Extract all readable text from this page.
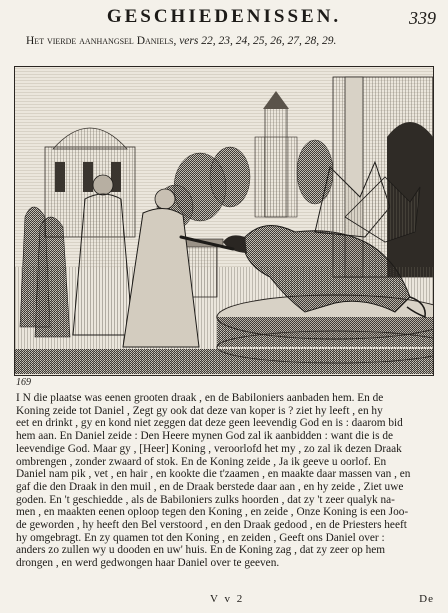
GESCHIEDENISSEN.	339
Het vierde aanhangsel Daniels, vers 22, 23, 24, 25, 26, 27, 28, 29.
169
I N die plaatse was eenen grooten draak , en de Babiloniers aanbaden hem. En de
Koning zeide tot Daniel , Zegt gy ook dat deze van koper is ? ziet hy leeft , en hy
eet en drinkt , gy en kond niet zeggen dat deze geen leevendig God en is : daarom bid
hem aan. En Daniel zeide : Den Heere mynen God zal ik aanbidden : want die is de
leevendige God. Maar gy , [Heer] Koning , veroorlofd het my , zo zal ik dezen Draak
ombrengen , zonder zwaard of stok. En de Koning zeide , Ja ik geeve u oorlof. En
Daniel nam pik , vet , en hair , en kookte die t'zaamen , en maakte daar massen van , en
gaf die den Draak in den muil , en de Draak berstede daar aan , en hy zeide , Ziet uwe
goden. En 't geschiedde , als de Babiloniers zulks hoorden , dat zy 't zeer qualyk na-
men , en maakten eenen oploop tegen den Koning , en zeide , Onze Koning is een Joo-
de geworden , hy heeft den Bel verstoord , en den Draak gedood , en de Priesters heeft
hy omgebragt. En zy quamen tot den Koning , en zeiden , Geeft ons Daniel over :
anders zo zullen wy u dooden en uw' huis. En de Koning zag , dat zy zeer op hem
drongen , en werd gedwongen haar Daniel over te geeven.
V v 2	De
